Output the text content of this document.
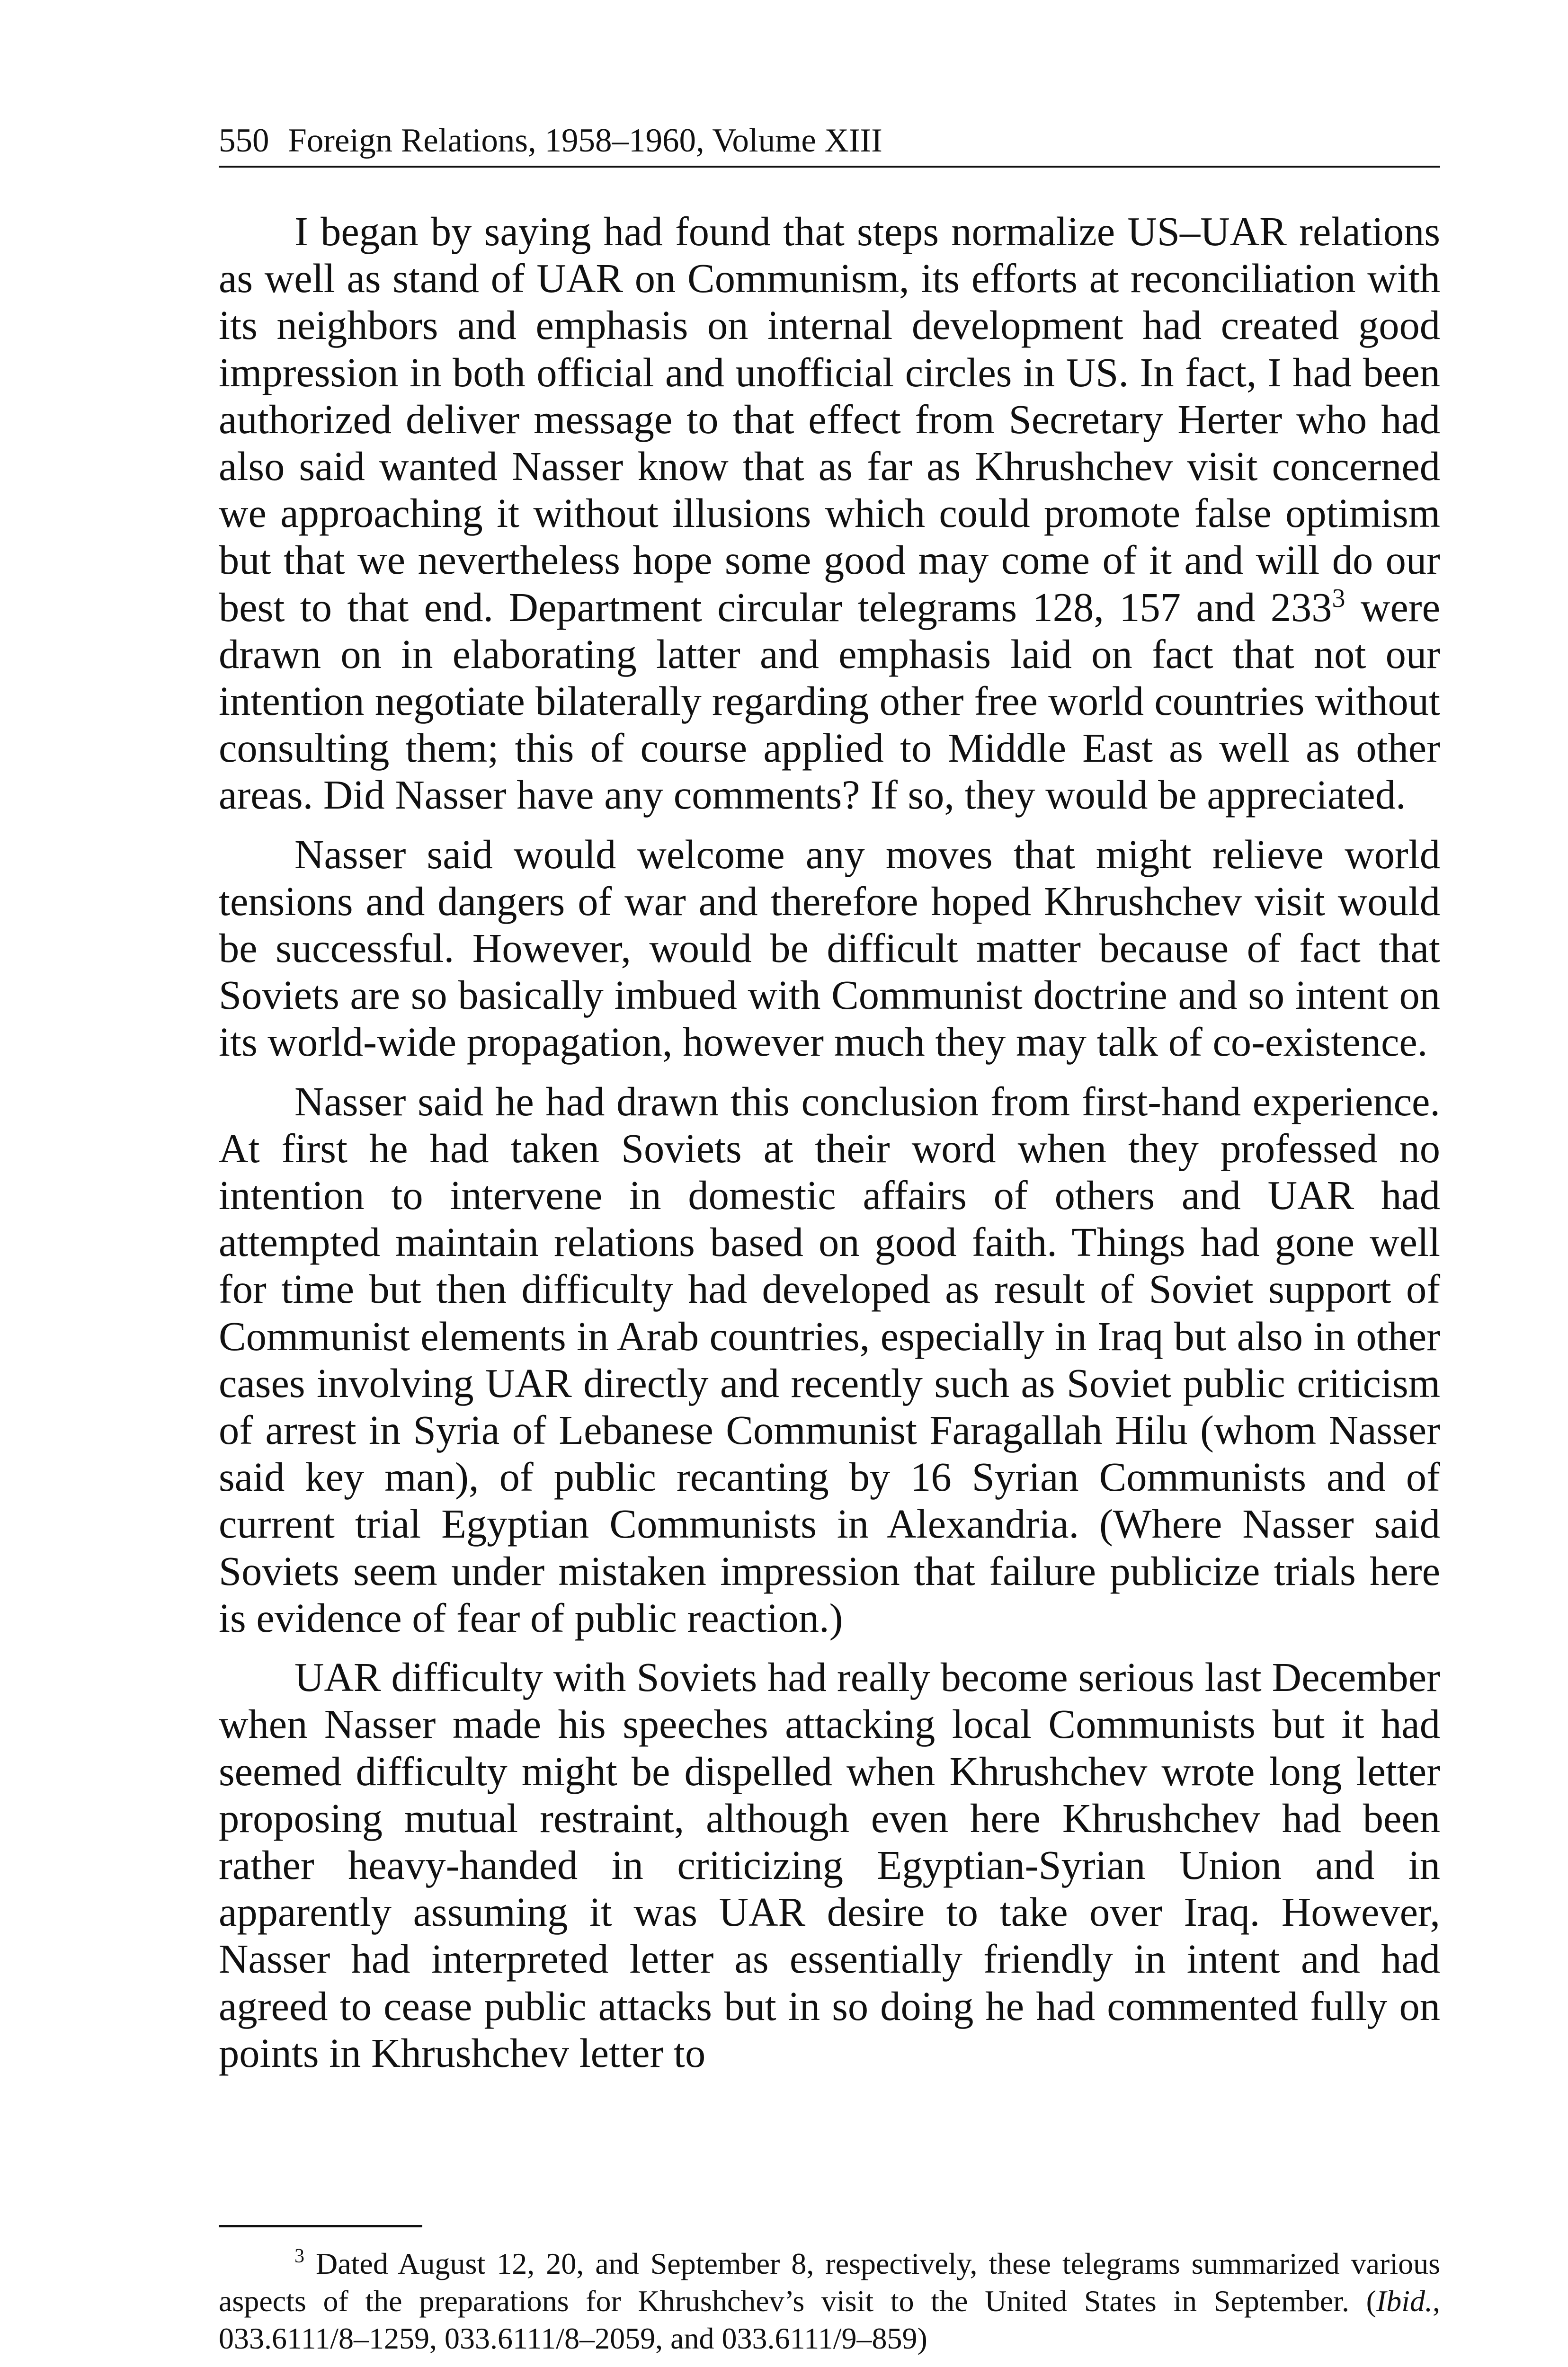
550 Foreign Relations, 1958–1960, Volume XIII

I began by saying had found that steps normalize US–UAR relations as well as stand of UAR on Communism, its efforts at reconciliation with its neighbors and emphasis on internal development had created good impression in both official and unofficial circles in US. In fact, I had been authorized deliver message to that effect from Secretary Herter who had also said wanted Nasser know that as far as Khrushchev visit concerned we approaching it without illusions which could promote false optimism but that we nevertheless hope some good may come of it and will do our best to that end. Department circular telegrams 128, 157 and 233$^3$ were drawn on in elaborating latter and emphasis laid on fact that not our intention negotiate bilaterally regarding other free world countries without consulting them; this of course applied to Middle East as well as other areas. Did Nasser have any comments? If so, they would be appreciated.

Nasser said would welcome any moves that might relieve world tensions and dangers of war and therefore hoped Khrushchev visit would be successful. However, would be difficult matter because of fact that Soviets are so basically imbued with Communist doctrine and so intent on its world-wide propagation, however much they may talk of co-existence.

Nasser said he had drawn this conclusion from first-hand experience. At first he had taken Soviets at their word when they professed no intention to intervene in domestic affairs of others and UAR had attempted maintain relations based on good faith. Things had gone well for time but then difficulty had developed as result of Soviet support of Communist elements in Arab countries, especially in Iraq but also in other cases involving UAR directly and recently such as Soviet public criticism of arrest in Syria of Lebanese Communist Faragallah Hilu (whom Nasser said key man), of public recanting by 16 Syrian Communists and of current trial Egyptian Communists in Alexandria. (Where Nasser said Soviets seem under mistaken impression that failure publicize trials here is evidence of fear of public reaction.)

UAR difficulty with Soviets had really become serious last December when Nasser made his speeches attacking local Communists but it had seemed difficulty might be dispelled when Khrushchev wrote long letter proposing mutual restraint, although even here Khrushchev had been rather heavy-handed in criticizing Egyptian-Syrian Union and in apparently assuming it was UAR desire to take over Iraq. However, Nasser had interpreted letter as essentially friendly in intent and had agreed to cease public attacks but in so doing he had commented fully on points in Khrushchev letter to

$^3$ Dated August 12, 20, and September 8, respectively, these telegrams summarized various aspects of the preparations for Khrushchev’s visit to the United States in September. (Ibid., 033.6111/8–1259, 033.6111/8–2059, and 033.6111/9–859)
